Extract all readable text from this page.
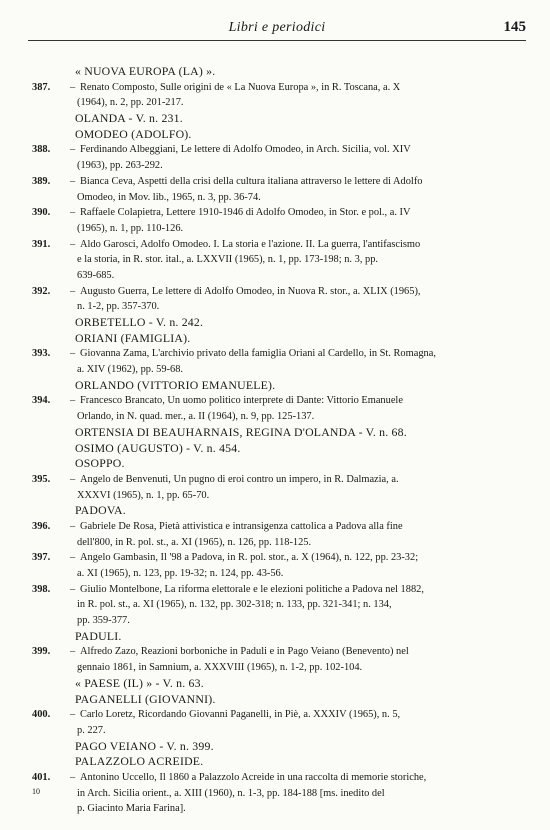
Libri e periodici	145
« NUOVA EUROPA (LA) ».
387. – Renato Composto, Sulle origini de « La Nuova Europa », in R. Toscana, a. X
(1964), n. 2, pp. 201-217.
OLANDA - V. n. 231.
OMODEO (ADOLFO).
388. – Ferdinando Albeggiani, Le lettere di Adolfo Omodeo, in Arch. Sicilia, vol. XIV
(1963), pp. 263-292.
389. – Bianca Ceva, Aspetti della crisi della cultura italiana attraverso le lettere di Adolfo
Omodeo, in Mov. lib., 1965, n. 3, pp. 36-74.
390. – Raffaele Colapietra, Lettere 1910-1946 di Adolfo Omodeo, in Stor. e pol., a. IV
(1965), n. 1, pp. 110-126.
391. – Aldo Garosci, Adolfo Omodeo. I. La storia e l'azione. II. La guerra, l'antifascismo
e la storia, in R. stor. ital., a. LXXVII (1965), n. 1, pp. 173-198; n. 3, pp.
639-685.
392. – Augusto Guerra, Le lettere di Adolfo Omodeo, in Nuova R. stor., a. XLIX (1965),
n. 1-2, pp. 357-370.
ORBETELLO - V. n. 242.
ORIANI (FAMIGLIA).
393. – Giovanna Zama, L'archivio privato della famiglia Oriani al Cardello, in St. Romagna,
a. XIV (1962), pp. 59-68.
ORLANDO (VITTORIO EMANUELE).
394. – Francesco Brancato, Un uomo politico interprete di Dante: Vittorio Emanuele
Orlando, in N. quad. mer., a. II (1964), n. 9, pp. 125-137.
ORTENSIA DI BEAUHARNAIS, REGINA D'OLANDA - V. n. 68.
OSIMO (AUGUSTO) - V. n. 454.
OSOPPO.
395. – Angelo de Benvenuti, Un pugno di eroi contro un impero, in R. Dalmazia, a.
XXXVI (1965), n. 1, pp. 65-70.
PADOVA.
396. – Gabriele De Rosa, Pietà attivistica e intransigenza cattolica a Padova alla fine
dell'800, in R. pol. st., a. XI (1965), n. 126, pp. 118-125.
397. – Angelo Gambasin, Il '98 a Padova, in R. pol. stor., a. X (1964), n. 122, pp. 23-32;
a. XI (1965), n. 123, pp. 19-32; n. 124, pp. 43-56.
398. – Giulio Montelbone, La riforma elettorale e le elezioni politiche a Padova nel 1882,
in R. pol. st., a. XI (1965), n. 132, pp. 302-318; n. 133, pp. 321-341; n. 134,
pp. 359-377.
PADULI.
399. – Alfredo Zazo, Reazioni borboniche in Paduli e in Pago Veiano (Benevento) nel
gennaio 1861, in Samnium, a. XXXVIII (1965), n. 1-2, pp. 102-104.
« PAESE (IL) » - V. n. 63.
PAGANELLI (GIOVANNI).
400. – Carlo Loretz, Ricordando Giovanni Paganelli, in Piè, a. XXXIV (1965), n. 5,
p. 227.
PAGO VEIANO - V. n. 399.
PALAZZOLO ACREIDE.
401. – Antonino Uccello, Il 1860 a Palazzolo Acreide in una raccolta di memorie storiche,
in Arch. Sicilia orient., a. XIII (1960), n. 1-3, pp. 184-188 [ms. inedito del
p. Giacinto Maria Farina].
10
